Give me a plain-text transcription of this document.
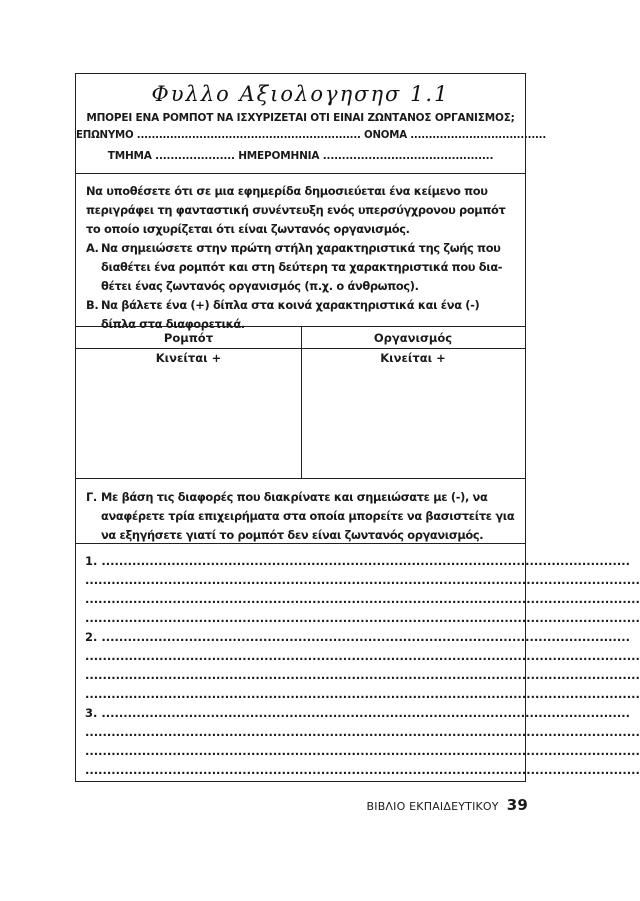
Φυλλο Αξιολογησησ 1.1
ΜΠΟΡΕΙ ΕΝΑ ΡΟΜΠΟΤ ΝΑ ΙΣΧΥΡΙΖΕΤΑΙ ΟΤΙ ΕΙΝΑΙ ΖΩΝΤΑΝΟΣ ΟΡΓΑΝΙΣΜΟΣ;
ΕΠΩΝΥΜΟ ............................................................. ΟΝΟΜΑ .....................................
ΤΜΗΜΑ ..................... ΗΜΕΡΟΜΗΝΙΑ .............................................

Να υποθέσετε ότι σε μια εφημερίδα δημοσιεύεται ένα κείμενο που περιγράφει τη φανταστική συνέντευξη ενός υπερσύγχρονου ρομπότ το οποίο ισχυρίζεται ότι είναι ζωντανός οργανισμός.

Α. Να σημειώσετε στην πρώτη στήλη χαρακτηριστικά της ζωής που διαθέτει ένα ρομπότ και στη δεύτερη τα χαρακτηριστικά που δια-θέτει ένας ζωντανός οργανισμός (π.χ. ο άνθρωπος).
Β. Να βάλετε ένα (+) δίπλα στα κοινά χαρακτηριστικά και ένα (-) δίπλα στα διαφορετικά.
Ρομπότ	Οργανισμός
Κινείται +	Κινείται +
Γ. Με βάση τις διαφορές που διακρίνατε και σημειώσατε με (-), να αναφέρετε τρία επιχειρήματα στα οποία μπορείτε να βασιστείτε για να εξηγήσετε γιατί το ρομπότ δεν είναι ζωντανός οργανισμός.
1. .........................................................................................................................
...............................................................................................................................
...............................................................................................................................
...............................................................................................................................
2. .........................................................................................................................
...............................................................................................................................
...............................................................................................................................
...............................................................................................................................
3. .........................................................................................................................
...............................................................................................................................
...............................................................................................................................
...............................................................................................................................
ΒΙΒΛΙΟ ΕΚΠΑΙΔΕΥΤΙΚΟΥ 39
